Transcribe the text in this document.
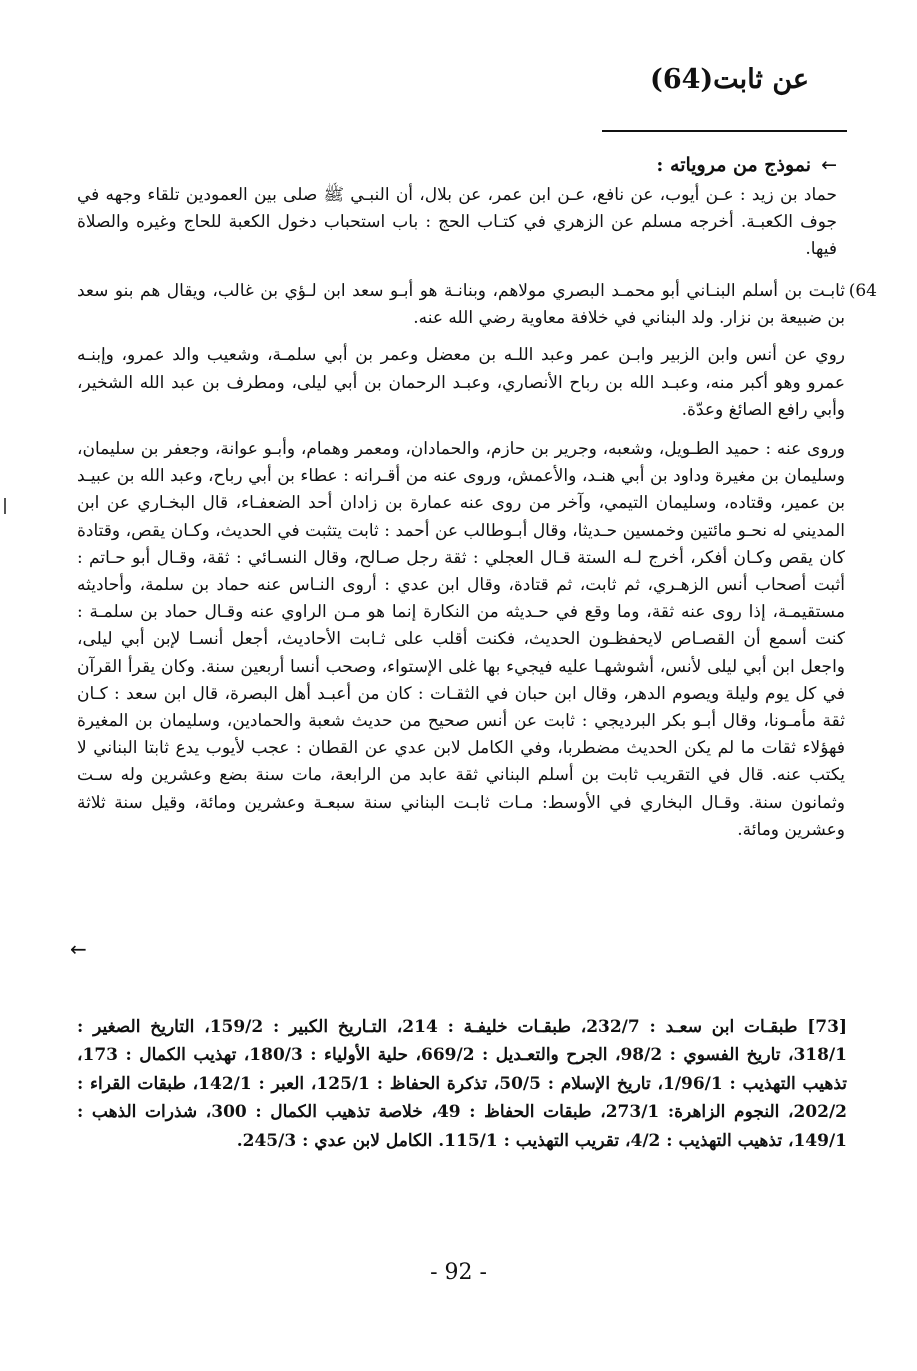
عن ثابت(64)
←نموذج من مروياته :
حماد بن زيد : عـن أيوب، عن نافع، عـن ابن عمر، عن بلال، أن النبـي ﷺ صلى بين العمودين تلقاء وجهه في جوف الكعبـة. أخرجه مسلم عن الزهري في كتـاب الحج : باب استحباب دخول الكعبة للحاج وغيره والصلاة فيها.
64)

ثابـت بن أسلم البنـاني أبو محمـد البصري مولاهم، وبنانـة هو أبـو سعد ابن لـؤي بن غالب، ويقال هم بنو سعد بن ضبيعة بن نزار. ولد البناني في خلافة معاوية رضي الله عنه.

روي عن أنس وابن الزبير وابـن عمر وعبد اللـه بن معضل وعمر بن أبي سلمـة، وشعيب والد عمرو، وإبنـه عمرو وهو أكبر منه، وعبـد الله بن رباح الأنصاري، وعبـد الرحمان بن أبي ليلى، ومطرف بن عبد الله الشخير، وأبي رافع الصائغ وعدّة.

وروى عنه : حميد الطـويل، وشعبه، وجرير بن حازم، والحمادان، ومعمر وهمام، وأبـو عوانة، وجعفر بن سليمان، وسليمان بن مغيرة وداود بن أبي هنـد، والأعمش، وروى عنه من أقـرانه : عطاء بن أبي رباح، وعبد الله بن عبيـد بن عمير، وقتاده، وسليمان التيمي، وآخر من روى عنه عمارة بن زادان أحد الضعفـاء، قال البخـاري عن ابن المديني له نحـو مائتين وخمسين حـديثا، وقال أبـوطالب عن أحمد : ثابت يتثبت في الحديث، وكـان يقص، وقتادة كان يقص وكـان أفكر، أخرج لـه الستة قـال العجلي : ثقة رجل صـالح، وقال النسـائي : ثقة، وقـال أبو حـاتم : أثبت أصحاب أنس الزهـري، ثم ثابت، ثم قتادة، وقال ابن عدي : أروى النـاس عنه حماد بن سلمة، وأحاديثه مستقيمـة، إذا روى عنه ثقة، وما وقع في حـديثه من النكارة إنما هو مـن الراوي عنه وقـال حماد بن سلمـة : كنت أسمع أن القصـاص لايحفظـون الحديث، فكنت أقلب على ثـابت الأحاديث، أجعل أنسـا لإبن أبي ليلى، واجعل ابن أبي ليلى لأنس، أشوشهـا عليه فيجيء بها غلى الإستواء، وصحب أنسا أربعين سنة. وكان يقرأ القرآن في كل يوم وليلة ويصوم الدهر، وقال ابن حبان في الثقـات : كان من أعبـد أهل البصرة، قال ابن سعد : كـان ثقة مأمـونا، وقال أبـو بكر البرديجي : ثابت عن أنس صحيح من حديث شعبة والحمادين، وسليمان بن المغيرة فهؤلاء ثقات ما لم يكن الحديث مضطربا، وفي الكامل لابن عدي عن القطان : عجب لأيوب يدع ثابتا البناني لا يكتب عنه. قال في التقريب ثابت بن أسلم البناني ثقة عابد من الرابعة، مات سنة بضع وعشرين وله سـت وثمانون سنة. وقـال البخاري في الأوسط: مـات ثابـت البناني سنة سبعـة وعشرين ومائة، وقيل سنة ثلاثة وعشرين ومائة.

←
[73] طبقـات ابن سعـد : 232/7، طبقـات خليفـة : 214، التـاريخ الكبير : 159/2، التاريخ الصغير : 318/1، تاريخ الفسوي : 98/2، الجرح والتعـديل : 669/2، حلية الأولياء : 180/3، تهذيب الكمال : 173، تذهيب التهذيب : 1/96/1، تاريخ الإسلام : 50/5، تذكرة الحفاظ : 125/1، العبر : 142/1، طبقات القراء : 202/2، النجوم الزاهرة: 273/1، طبقات الحفاظ : 49، خلاصة تذهيب الكمال : 300، شذرات الذهب : 149/1، تذهيب التهذيب : 4/2، تقريب التهذيب : 115/1. الكامل لابن عدي : 245/3.
- 92 -
